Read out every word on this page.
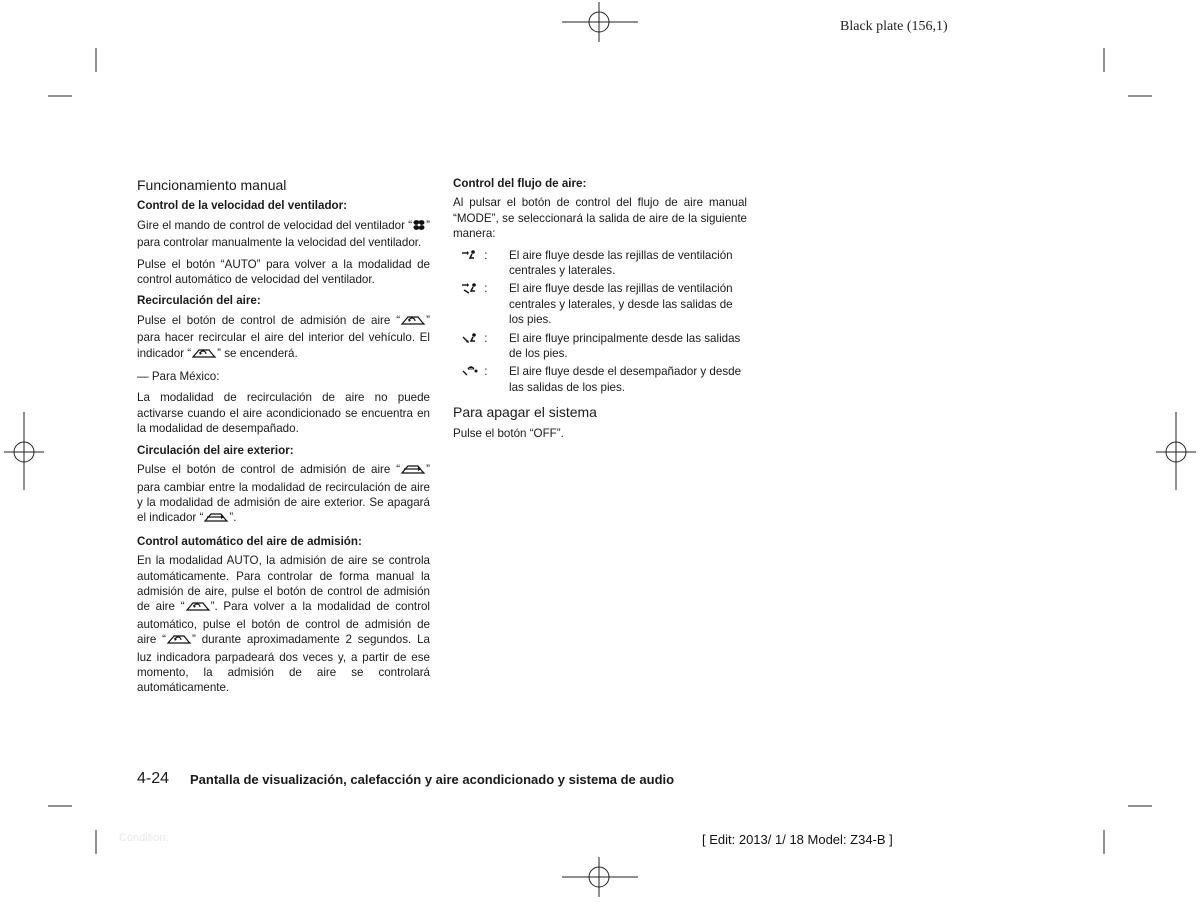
Black plate (156,1)
Funcionamiento manual
Control de la velocidad del ventilador:

Gire el mando de control de velocidad del ventilador “ ” para controlar manualmente la velocidad del ventilador.

Pulse el botón “AUTO” para volver a la modalidad de control automático de velocidad del ventilador.

Recirculación del aire:

Pulse el botón de control de admisión de aire “ ” para hacer recircular el aire del interior del vehículo. El indicador “ ” se encenderá.

— Para México:

La modalidad de recirculación de aire no puede activarse cuando el aire acondicionado se encuentra en la modalidad de desempañado.

Circulación del aire exterior:

Pulse el botón de control de admisión de aire “ ” para cambiar entre la modalidad de recirculación de aire y la modalidad de admisión de aire exterior. Se apagará el indicador “ ”.

Control automático del aire de admisión:

En la modalidad AUTO, la admisión de aire se controla automáticamente. Para controlar de forma manual la admisión de aire, pulse el botón de control de admisión de aire “ ”. Para volver a la modalidad de control automático, pulse el botón de control de admisión de aire “ ” durante aproximadamente 2 segundos. La luz indicadora parpadeará dos veces y, a partir de ese momento, la admisión de aire se controlará automáticamente.

Control del flujo de aire:

Al pulsar el botón de control del flujo de aire manual “MODE”, se seleccionará la salida de aire de la siguiente manera:

:	El aire fluye desde las rejillas de ventilación centrales y laterales.
:	El aire fluye desde las rejillas de ventilación centrales y laterales, y desde las salidas de los pies.
:	El aire fluye principalmente desde las salidas de los pies.
:	El aire fluye desde el desempañador y desde las salidas de los pies.
Para apagar el sistema

Pulse el botón “OFF”.

4-24 Pantalla de visualización, calefacción y aire acondicionado y sistema de audio
Condition:	[ Edit: 2013/ 1/ 18 Model: Z34-B ]
